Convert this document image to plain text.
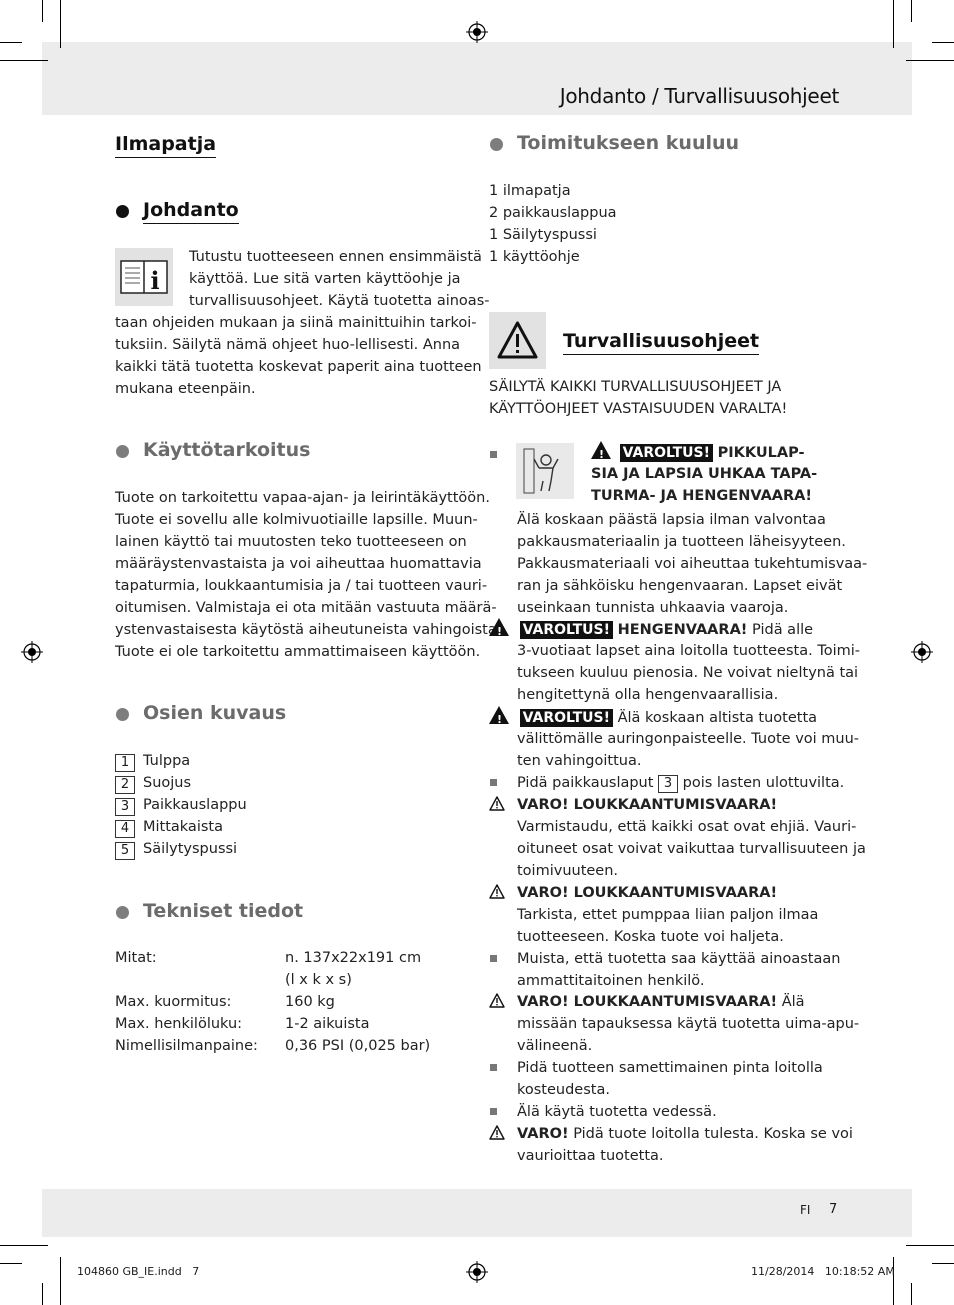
Johdanto / Turvallisuusohjeet
Ilmapatja
Johdanto
i
Tutustu tuotteeseen ennen ensimmäistä
käyttöä. Lue sitä varten käyttöohje ja
turvallisuusohjeet. Käytä tuotetta ainoas-
taan ohjeiden mukaan ja siinä mainittuihin tarkoi-
tuksiin. Säilytä nämä ohjeet huo-lellisesti. Anna
kaikki tätä tuotetta koskevat paperit aina tuotteen
mukana eteenpäin.
Käyttötarkoitus
Tuote on tarkoitettu vapaa-ajan- ja leirintäkäyttöön.
Tuote ei sovellu alle kolmivuotiaille lapsille. Muun-
lainen käyttö tai muutosten teko tuotteeseen on
määräystenvastaista ja voi aiheuttaa huomattavia
tapaturmia, loukkaantumisia ja / tai tuotteen vauri-
oitumisen. Valmistaja ei ota mitään vastuuta määrä-
ystenvastaisesta käytöstä aiheutuneista vahingoista.
Tuote ei ole tarkoitettu ammattimaiseen käyttöön.
Osien kuvaus
1 Tulppa
2 Suojus
3 Paikkauslappu
4 Mittakaista
5 Säilytyspussi
Tekniset tiedot
Mitat:	n. 137x22x191 cm
(l x k x s)
Max. kuormitus:	160 kg
Max. henkilöluku:	1-2 aikuista
Nimellisilmanpaine: 0,36 PSI (0,025 bar)
Toimitukseen kuuluu
1 ilmapatja
2 paikkauslappua
1 Säilytyspussi
1 käyttöohje
Turvallisuusohjeet
SÄILYTÄ KAIKKI TURVALLISUUSOHJEET JA
KÄYTTÖOHJEET VASTAISUUDEN VARALTA!
! VAROLTUS! PIKKULAP-
SIA JA LAPSIA UHKAA TAPA-
TURMA- JA HENGENVAARA!
Älä koskaan päästä lapsia ilman valvontaa
pakkausmateriaalin ja tuotteen läheisyyteen.
Pakkausmateriaali voi aiheuttaa tukehtumisvaa-
ran ja sähköisku hengenvaaran. Lapset eivät
useinkaan tunnista uhkaavia vaaroja.
! VAROLTUS! HENGENVAARA! Pidä alle
3-vuotiaat lapset aina loitolla tuotteesta. Toimi-
tukseen kuuluu pienosia. Ne voivat nieltynä tai
hengitettynä olla hengenvaarallisia.
! VAROLTUS! Älä koskaan altista tuotetta
välittömälle auringonpaisteelle. Tuote voi muu-
ten vahingoittua.
Pidä paikkauslaput 3 pois lasten ulottuvilta.
VARO! LOUKKAANTUMISVAARA!
Varmistaudu, että kaikki osat ovat ehjiä. Vauri-
oituneet osat voivat vaikuttaa turvallisuuteen ja
toimivuuteen.
VARO! LOUKKAANTUMISVAARA!
Tarkista, ettet pumppaa liian paljon ilmaa
tuotteeseen. Koska tuote voi haljeta.
Muista, että tuotetta saa käyttää ainoastaan
ammattitaitoinen henkilö.
VARO! LOUKKAANTUMISVAARA! Älä
missään tapauksessa käytä tuotetta uima-apu-
välineenä.
Pidä tuotteen samettimainen pinta loitolla
kosteudesta.
Älä käytä tuotetta vedessä.
VARO! Pidä tuote loitolla tulesta. Koska se voi
vaurioittaa tuotetta.
FI 7
104860 GB_IE.indd   7	11/28/2014   10:18:52 AM
